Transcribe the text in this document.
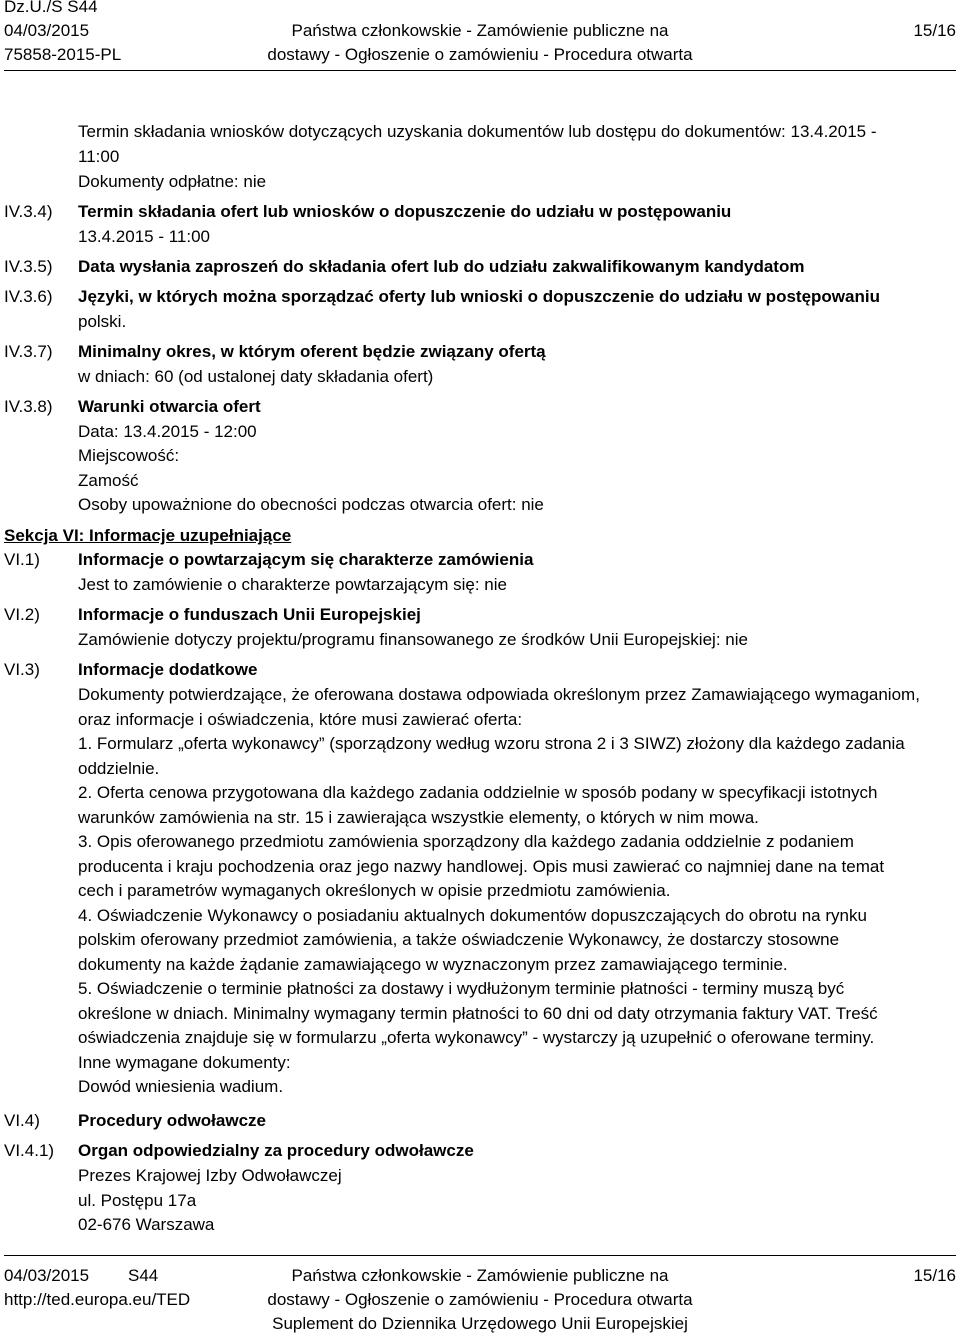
Dz.U./S S44
04/03/2015
75858-2015-PL
Państwa członkowskie - Zamówienie publiczne na
dostawy - Ogłoszenie o zamówieniu - Procedura otwarta
15/16
Termin składania wniosków dotyczących uzyskania dokumentów lub dostępu do dokumentów: 13.4.2015 -
11:00
Dokumenty odpłatne: nie
IV.3.4) Termin składania ofert lub wniosków o dopuszczenie do udziału w postępowaniu
13.4.2015 - 11:00
IV.3.5) Data wysłania zaproszeń do składania ofert lub do udziału zakwalifikowanym kandydatom
IV.3.6) Języki, w których można sporządzać oferty lub wnioski o dopuszczenie do udziału w postępowaniu
polski.
IV.3.7) Minimalny okres, w którym oferent będzie związany ofertą
w dniach: 60 (od ustalonej daty składania ofert)
IV.3.8) Warunki otwarcia ofert
Data: 13.4.2015 - 12:00
Miejscowość:
Zamość
Osoby upoważnione do obecności podczas otwarcia ofert: nie
Sekcja VI: Informacje uzupełniające
VI.1) Informacje o powtarzającym się charakterze zamówienia
Jest to zamówienie o charakterze powtarzającym się: nie
VI.2) Informacje o funduszach Unii Europejskiej
Zamówienie dotyczy projektu/programu finansowanego ze środków Unii Europejskiej: nie
VI.3) Informacje dodatkowe
Dokumenty potwierdzające, że oferowana dostawa odpowiada określonym przez Zamawiającego wymaganiom,
oraz informacje i oświadczenia, które musi zawierać oferta:
1. Formularz „oferta wykonawcy” (sporządzony według wzoru strona 2 i 3 SIWZ) złożony dla każdego zadania
oddzielnie.
2. Oferta cenowa przygotowana dla każdego zadania oddzielnie w sposób podany w specyfikacji istotnych
warunków zamówienia na str. 15 i zawierająca wszystkie elementy, o których w nim mowa.
3. Opis oferowanego przedmiotu zamówienia sporządzony dla każdego zadania oddzielnie z podaniem
producenta i kraju pochodzenia oraz jego nazwy handlowej. Opis musi zawierać co najmniej dane na temat
cech i parametrów wymaganych określonych w opisie przedmiotu zamówienia.
4. Oświadczenie Wykonawcy o posiadaniu aktualnych dokumentów dopuszczających do obrotu na rynku
polskim oferowany przedmiot zamówienia, a także oświadczenie Wykonawcy, że dostarczy stosowne
dokumenty na każde żądanie zamawiającego w wyznaczonym przez zamawiającego terminie.
5. Oświadczenie o terminie płatności za dostawy i wydłużonym terminie płatności - terminy muszą być
określone w dniach. Minimalny wymagany termin płatności to 60 dni od daty otrzymania faktury VAT. Treść
oświadczenia znajduje się w formularzu „oferta wykonawcy” - wystarczy ją uzupełnić o oferowane terminy.
Inne wymagane dokumenty:
Dowód wniesienia wadium.
VI.4) Procedury odwoławcze
VI.4.1) Organ odpowiedzialny za procedury odwoławcze
Prezes Krajowej Izby Odwoławczej
ul. Postępu 17a
02-676 Warszawa
04/03/2015 S44
http://ted.europa.eu/TED
Państwa członkowskie - Zamówienie publiczne na
dostawy - Ogłoszenie o zamówieniu - Procedura otwarta
Suplement do Dziennika Urzędowego Unii Europejskiej
15/16
